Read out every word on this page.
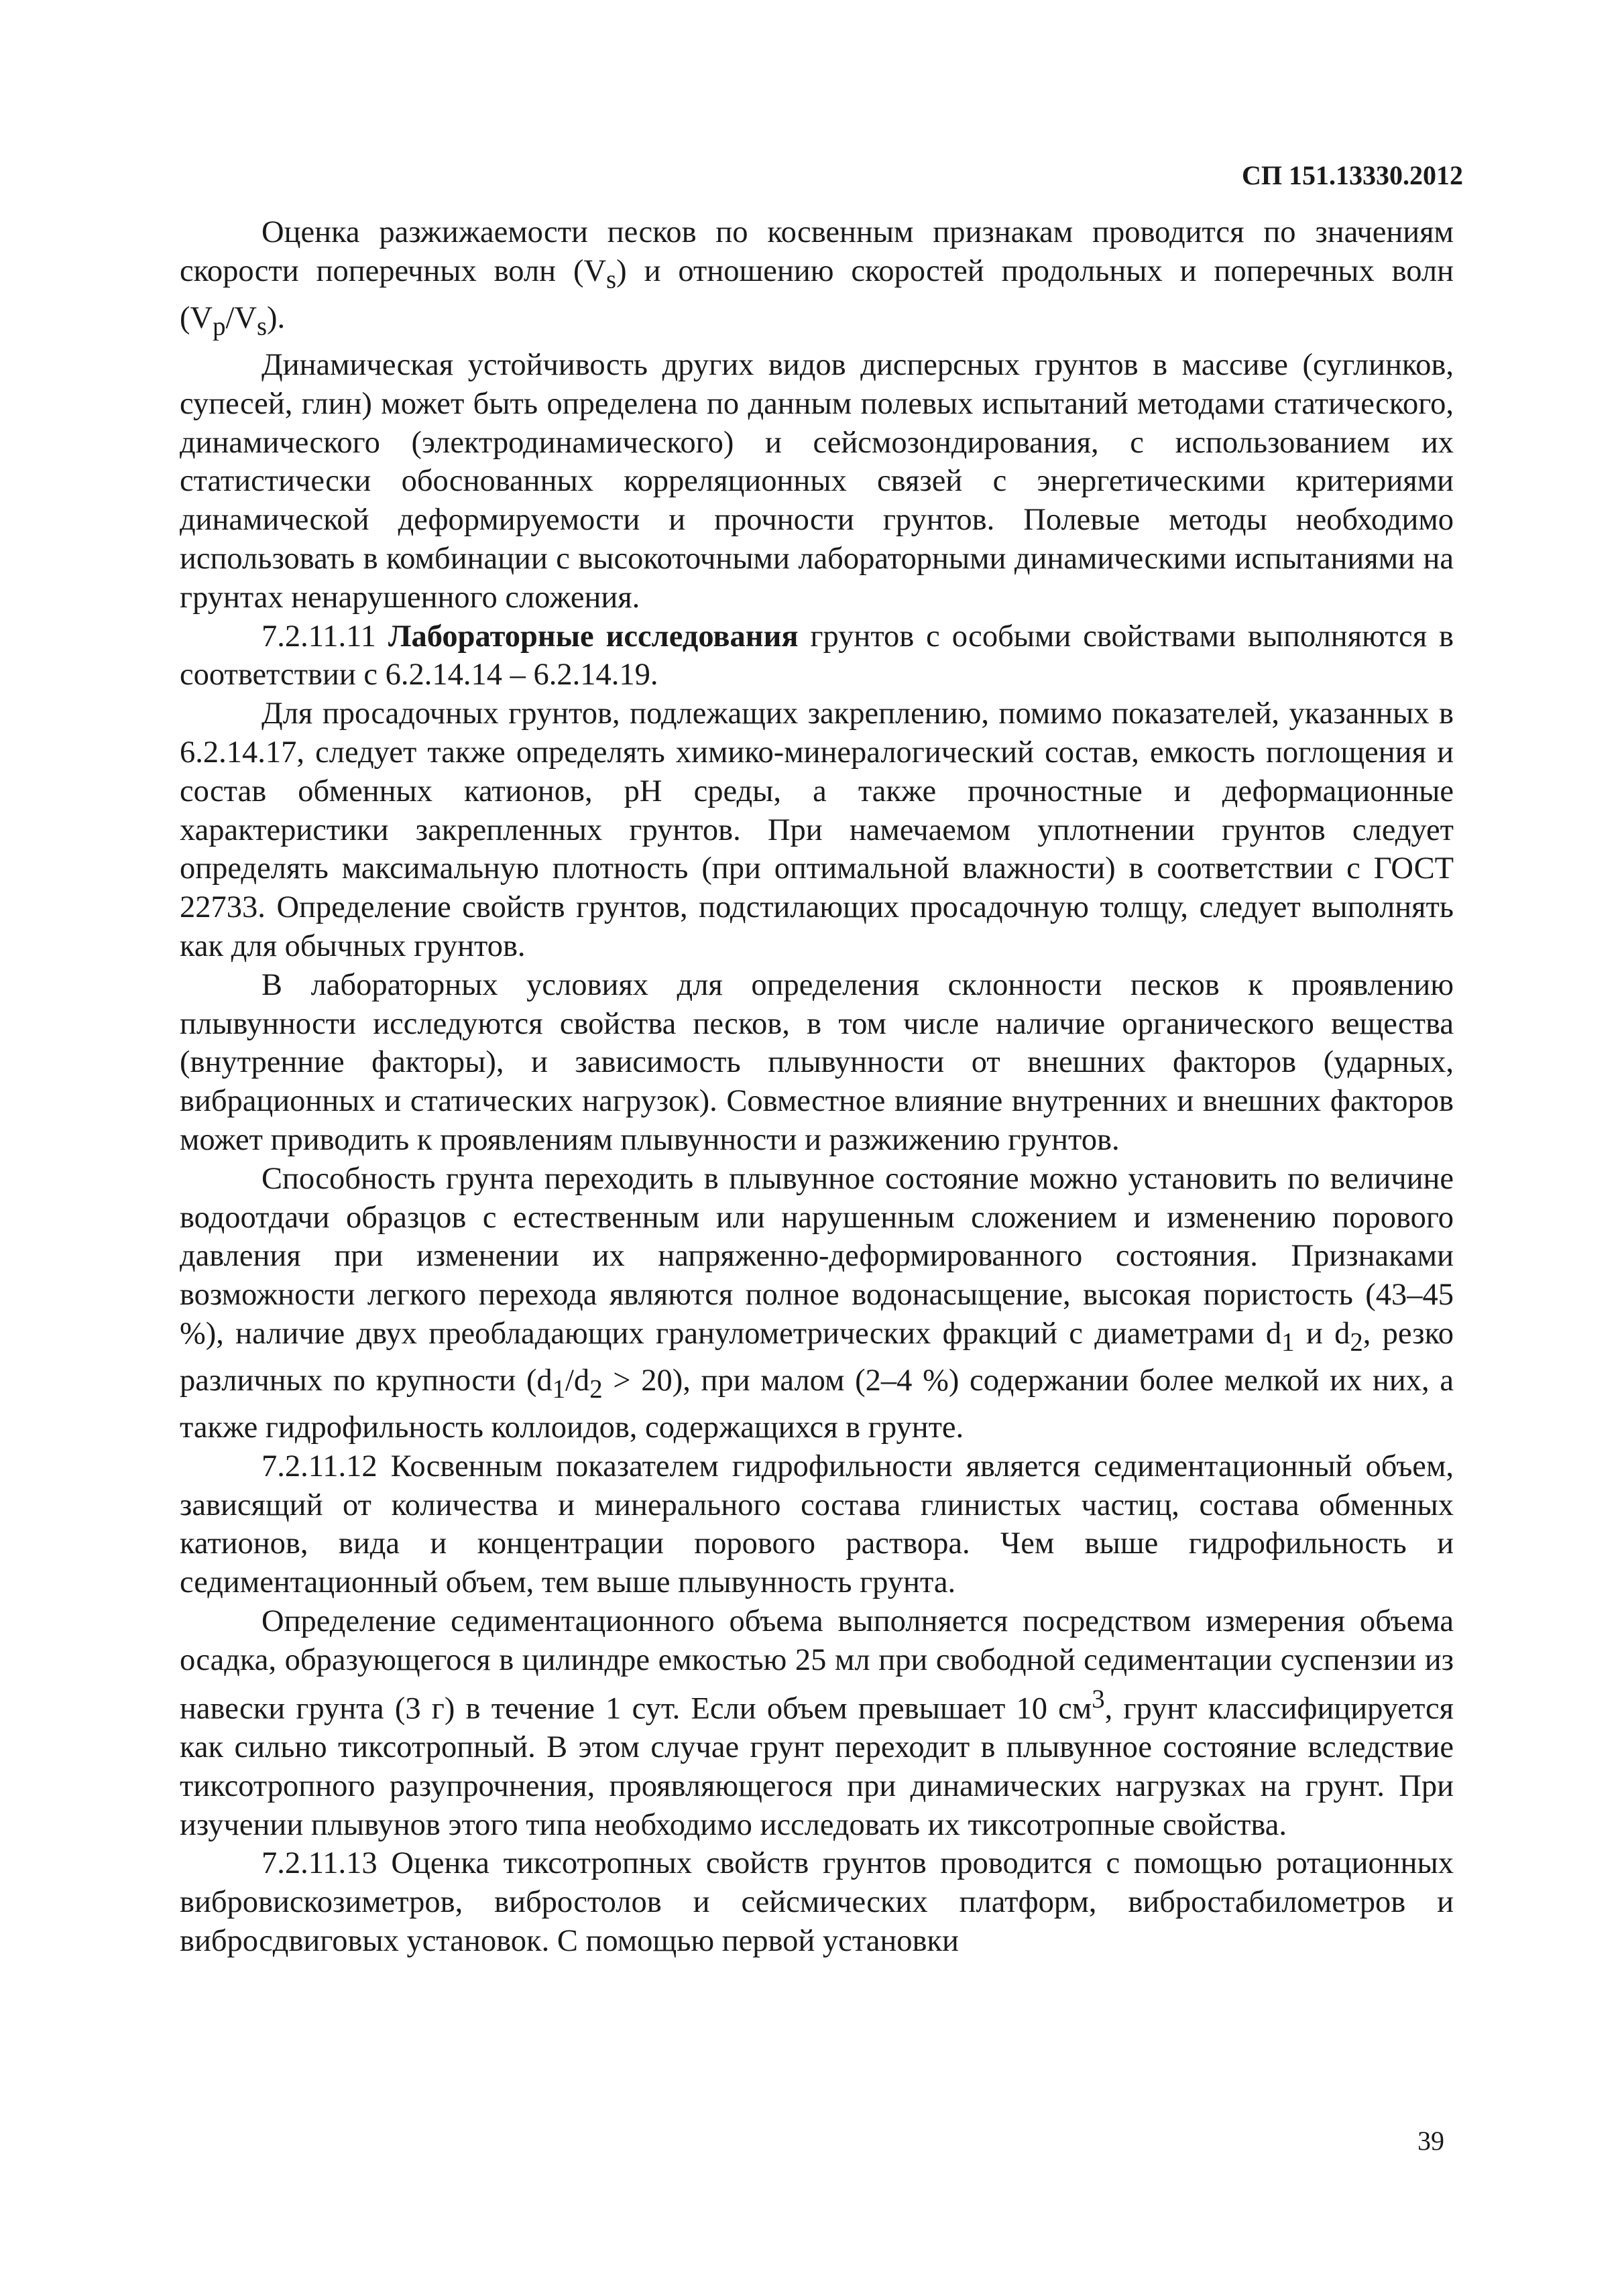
СП 151.13330.2012

Оценка разжижаемости песков по косвенным признакам проводится по значениям скорости поперечных волн $(V_s)$ и отношению скоростей продольных и поперечных волн $(V_p/V_s)$.

Динамическая устойчивость других видов дисперсных грунтов в массиве (суглинков, супесей, глин) может быть определена по данным полевых испытаний методами статического, динамического (электродинамического) и сейсмозондирования, с использованием их статистически обоснованных корреляционных связей с энергетическими критериями динамической деформируемости и прочности грунтов. Полевые методы необходимо использовать в комбинации с высокоточными лабораторными динамическими испытаниями на грунтах ненарушенного сложения.

7.2.11.11 Лабораторные исследования грунтов с особыми свойствами выполняются в соответствии с 6.2.14.14 – 6.2.14.19.

Для просадочных грунтов, подлежащих закреплению, помимо показателей, указанных в 6.2.14.17, следует также определять химико-минералогический состав, емкость поглощения и состав обменных катионов, pH среды, а также прочностные и деформационные характеристики закрепленных грунтов. При намечаемом уплотнении грунтов следует определять максимальную плотность (при оптимальной влажности) в соответствии с ГОСТ 22733. Определение свойств грунтов, подстилающих просадочную толщу, следует выполнять как для обычных грунтов.

В лабораторных условиях для определения склонности песков к проявлению плывунности исследуются свойства песков, в том числе наличие органического вещества (внутренние факторы), и зависимость плывунности от внешних факторов (ударных, вибрационных и статических нагрузок). Совместное влияние внутренних и внешних факторов может приводить к проявлениям плывунности и разжижению грунтов.

Способность грунта переходить в плывунное состояние можно установить по величине водоотдачи образцов с естественным или нарушенным сложением и изменению порового давления при изменении их напряженно-деформированного состояния. Признаками возможности легкого перехода являются полное водонасыщение, высокая пористость (43–45 %), наличие двух преобладающих гранулометрических фракций с диаметрами $d_1$ и $d_2$, резко различных по крупности $(d_1/d_2 > 20)$, при малом (2–4 %) содержании более мелкой их них, а также гидрофильность коллоидов, содержащихся в грунте.

7.2.11.12 Косвенным показателем гидрофильности является седиментационный объем, зависящий от количества и минерального состава глинистых частиц, состава обменных катионов, вида и концентрации порового раствора. Чем выше гидрофильность и седиментационный объем, тем выше плывунность грунта.

Определение седиментационного объема выполняется посредством измерения объема осадка, образующегося в цилиндре емкостью 25 мл при свободной седиментации суспензии из навески грунта (3 г) в течение 1 сут. Если объем превышает 10 $см^3$, грунт классифицируется как сильно тиксотропный. В этом случае грунт переходит в плывунное состояние вследствие тиксотропного разупрочнения, проявляющегося при динамических нагрузках на грунт. При изучении плывунов этого типа необходимо исследовать их тиксотропные свойства.

7.2.11.13 Оценка тиксотропных свойств грунтов проводится с помощью ротационных вибровискозиметров, вибростолов и сейсмических платформ, вибростабилометров и вибросдвиговых установок. С помощью первой установки

39
